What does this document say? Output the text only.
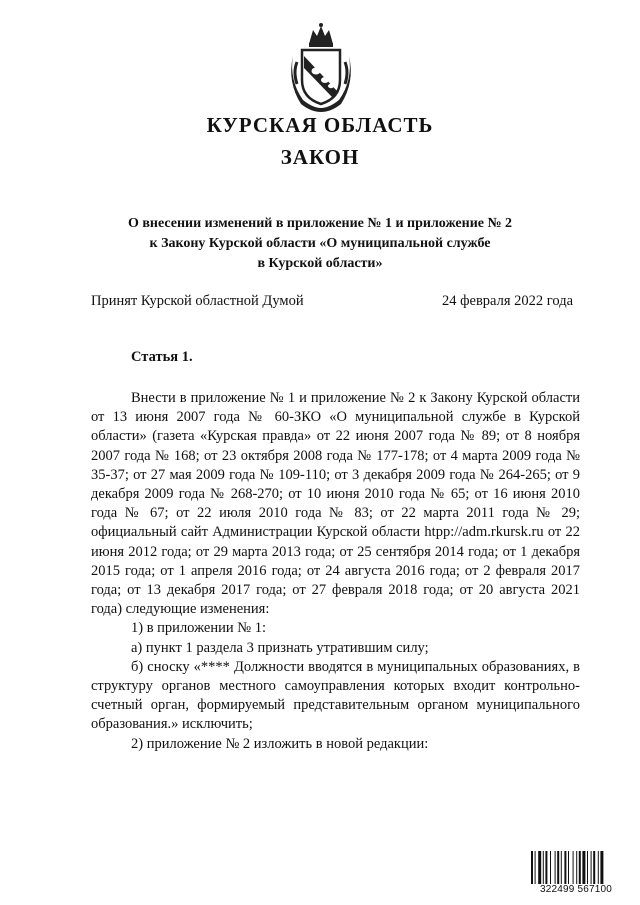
КУРСКАЯ ОБЛАСТЬ
ЗАКОН
О внесении изменений в приложение № 1 и приложение № 2
к Закону Курской области «О муниципальной службе
в Курской области»
Принят Курской областной Думой	24 февраля 2022 года
Статья 1.

Внести в приложение № 1 и приложение № 2 к Закону Курской области от 13 июня 2007 года № 60-ЗКО «О муниципальной службе в Курской области» (газета «Курская правда» от 22 июня 2007 года № 89; от 8 ноября 2007 года № 168; от 23 октября 2008 года № 177-178; от 4 марта 2009 года № 35-37; от 27 мая 2009 года № 109-110; от 3 декабря 2009 года № 264-265; от 9 декабря 2009 года № 268-270; от 10 июня 2010 года № 65; от 16 июня 2010 года № 67; от 22 июля 2010 года № 83; от 22 марта 2011 года № 29; официальный сайт Администрации Курской области htpp://adm.rkursk.ru от 22 июня 2012 года; от 29 марта 2013 года; от 25 сентября 2014 года; от 1 декабря 2015 года; от 1 апреля 2016 года; от 24 августа 2016 года; от 2 февраля 2017 года; от 13 декабря 2017 года; от 27 февраля 2018 года; от 20 августа 2021 года) следующие изменения:

1) в приложении № 1:

а) пункт 1 раздела 3 признать утратившим силу;

б) сноску «**** Должности вводятся в муниципальных образованиях, в структуру органов местного самоуправления которых входит контрольно-счетный орган, формируемый представительным органом муниципального образования.» исключить;

2) приложение № 2 изложить в новой редакции:

322499 567100
